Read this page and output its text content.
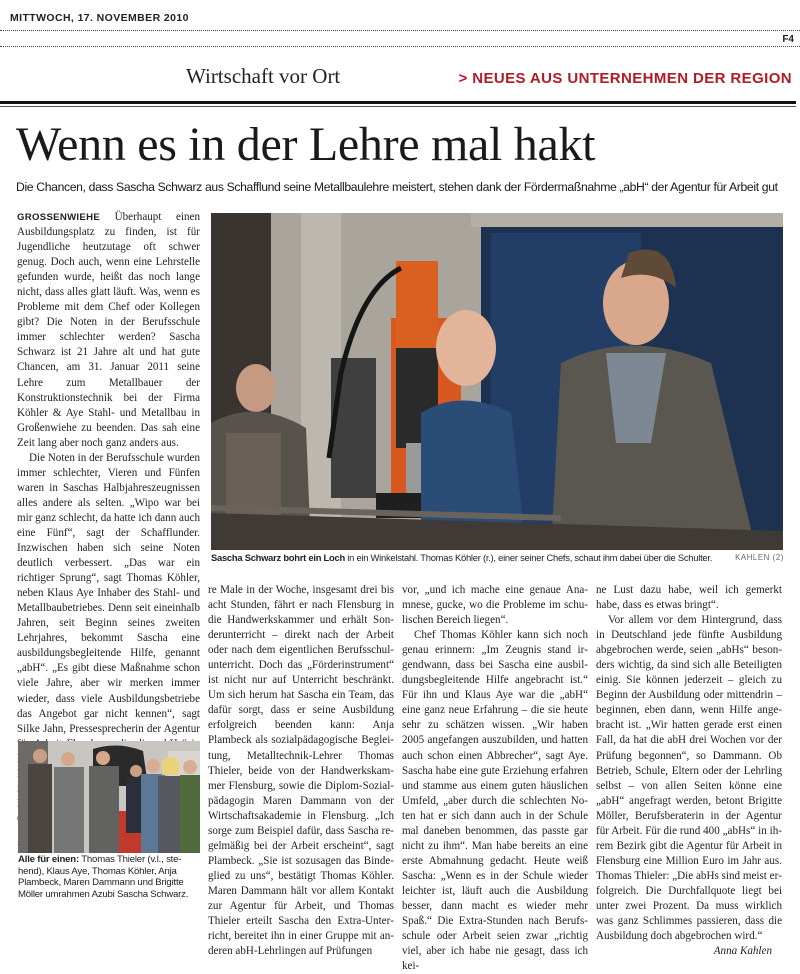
MITTWOCH, 17. NOVEMBER 2010
F4
Wirtschaft vor Ort	> NEUES AUS UNTERNEHMEN DER REGION
Wenn es in der Lehre mal hakt
Die Chancen, dass Sascha Schwarz aus Schafflund seine Metallbaulehre meistert, stehen dank der Fördermaßnahme „abH“ der Agentur für Arbeit gut

GROSSENWIEHE Überhaupt einen Ausbildungsplatz zu finden, ist für Jugendliche heutzutage oft schwer genug. Doch auch, wenn eine Lehrstelle gefunden wurde, heißt das noch lange nicht, dass alles glatt läuft. Was, wenn es Probleme mit dem Chef oder Kollegen gibt? Die Noten in der Berufsschule immer schlechter werden? Sascha Schwarz ist 21 Jahre alt und hat gute Chancen, am 31. Januar 2011 seine Lehre zum Metallbauer der Konstruktionstechnik bei der Firma Köhler & Aye Stahl- und Metallbau in Großenwiehe zu beenden. Das sah eine Zeit lang aber noch ganz anders aus.

Die Noten in der Berufsschule wurden immer schlechter, Vieren und Fünfen waren in Saschas Halbjahreszeugnissen alles andere als selten. „Wipo war bei mir ganz schlecht, da hatte ich dann auch eine Fünf“, sagt der Schafflunder. Inzwischen haben sich seine Noten deutlich verbessert. „Das war ein richtiger Sprung“, sagt Thomas Köhler, neben Klaus Aye Inhaber des Stahl- und Metallbaubetriebes. Denn seit eineinhalb Jahren, seit Beginn seines zweiten Lehrjahres, bekommt Sascha eine ausbildungsbegleitende Hilfe, genannt „abH“. „Es gibt diese Maßnahme schon viele Jahre, aber wir merken immer wieder, dass viele Ausbildungsbetriebe das Angebot gar nicht kennen“, sagt Silke Jahn, Pressesprecherin der Agentur

Sascha Schwarz bohrt ein Loch in ein Winkelstahl. Thomas Köhler (r.), einer seiner Chefs, schaut ihm dabei über die Schulter.	KAHLEN (2)

re Male in der Woche, insgesamt drei bis acht Stunden, fährt er nach Flensburg in die Handwerkskammer und erhält Sonderunterricht – direkt nach der Arbeit oder nach dem eigentlichen Berufsschulunterricht. Doch das „Förderinstrument“ ist nicht nur auf Unterricht beschränkt. Um sich herum hat Sascha ein Team, das dafür sorgt, dass er seine Ausbildung erfolgreich beenden kann: Anja Plambeck als sozialpädagogische Begleitung, Metalltechnik-Lehrer Thomas Thieler, beide von der Handwerkskammer Flensburg, sowie die Diplom-Sozialpädagogin Maren Dammann von der Wirtschaftsakademie in Flensburg. „Ich sorge zum Beispiel dafür, dass Sascha regelmäßig bei der Arbeit erscheint“, sagt Plambeck. „Sie ist sozusagen das Bindeglied zu uns“, bestätigt Thomas Köhler. Maren Dammann hält vor allem Kontakt zur Agentur für Arbeit, und Thomas Thieler erteilt Sascha den Extra-Unterricht, bereitet ihn in einer Gruppe mit anderen abH-Lehrlingen auf Prüfungen

vor, „und ich mache eine genaue Anamnese, gucke, wo die Probleme im schulischen Bereich liegen“.

Chef Thomas Köhler kann sich noch genau erinnern: „Im Zeugnis stand irgendwann, dass bei Sascha eine ausbildungsbegleitende Hilfe angebracht ist.“ Für ihn und Klaus Aye war die „abH“ eine ganz neue Erfahrung – die sie heute sehr zu schätzen wissen. „Wir haben 2005 angefangen auszubilden, und hatten auch schon einen Abbrecher“, sagt Aye. Sascha habe eine gute Erziehung erfahren und stamme aus einem guten häuslichen Umfeld, „aber durch die schlechten Noten hat er sich dann auch in der Schule mal daneben benommen, das passte gar nicht zu ihm“. Man habe bereits an eine erste Abmahnung gedacht. Heute weiß Sascha: „Wenn es in der Schule wieder leichter ist, läuft auch die Ausbildung besser, dann macht es wieder mehr Spaß.“ Die Extra-Stunden nach Berufsschule oder Arbeit seien zwar „richtig viel, aber ich habe nie gesagt, dass ich kei-

ne Lust dazu habe, weil ich gemerkt habe, dass es etwas bringt“.

Vor allem vor dem Hintergrund, dass in Deutschland jede fünfte Ausbildung abgebrochen werde, seien „abHs“ besonders wichtig, da sind sich alle Beteiligten einig. Sie können jederzeit – gleich zu Beginn der Ausbildung oder mittendrin – beginnen, eben dann, wenn Hilfe angebracht ist. „Wir hatten gerade erst einen Fall, da hat die abH drei Wochen vor der Prüfung begonnen“, so Dammann. Ob Betrieb, Schule, Eltern oder der Lehrling selbst – von allen Seiten könne eine „abH“ angefragt werden, betont Brigitte Möller, Berufsberaterin in der Agentur für Arbeit. Für die rund 400 „abHs“ in ihrem Bezirk gibt die Agentur für Arbeit in Flensburg eine Million Euro im Jahr aus. Thomas Thieler: „Die abHs sind meist erfolgreich. Die Durchfallquote liegt bei unter zwei Prozent. Da muss wirklich was ganz Schlimmes passieren, dass die Ausbildung doch abgebrochen wird.“

Anna Kahlen

Alle für einen: Thomas Thieler (v.l., stehend), Klaus Aye, Thomas Köhler, Anja Plambeck, Maren Dammann und Brigitte Möller umrahmen Azubi Sascha Schwarz.
